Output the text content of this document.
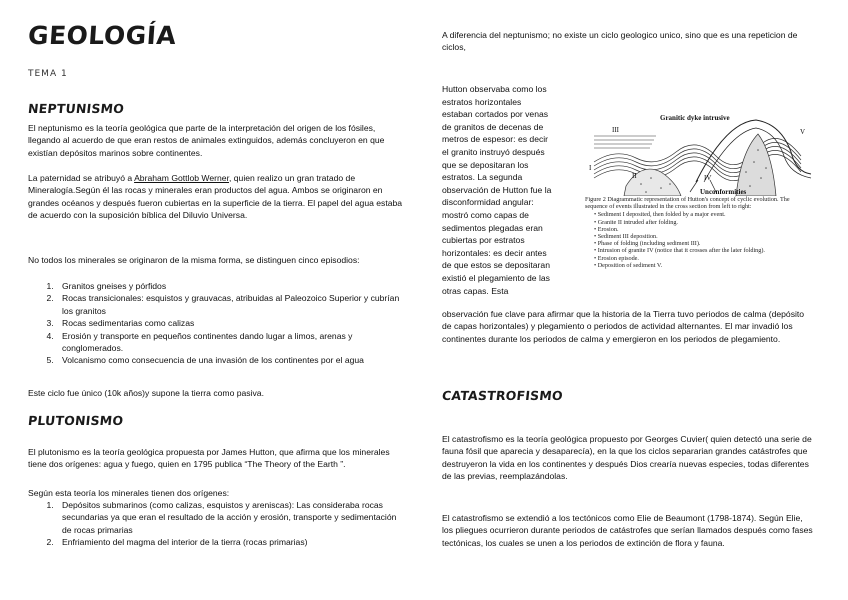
GEOLOGÍA
TEMA 1
NEPTUNISMO

El neptunismo es la teoría geológica que parte de la interpretación del origen de los fósiles, llegando al acuerdo de que eran restos de animales extinguidos, además concluyeron en que existían depósitos marinos sobre continentes.

La paternidad se atribuyó a Abraham Gottlob Werner, quien realizo un gran tratado de Mineralogía.Según él las rocas y minerales eran productos del agua. Ambos se originaron en grandes océanos y después fueron cubiertas en la superficie de la tierra. El papel del agua estaba de acuerdo con la suposición bíblica del Diluvio Universa.

No todos los minerales se originaron de la misma forma, se distinguen cinco episodios:

1. Granitos gneises y pórfidos
2. Rocas transicionales: esquistos y grauvacas, atribuidas al Paleozoico Superior y cubrían los granitos
3. Rocas sedimentarias como calizas
4. Erosión y transporte en pequeños continentes dando lugar a limos, arenas y conglomerados.
5. Volcanismo como consecuencia de una invasión de los continentes por el agua

Este ciclo fue único (10k años)y supone la tierra como pasiva.

PLUTONISMO

El plutonismo es la teoría geológica propuesta por James Hutton, que afirma que los minerales tiene dos orígenes: agua y fuego, quien en 1795 publica “The Theory of the Earth ”.

Según esta teoría los minerales tienen dos orígenes:

1. Depósitos submarinos (como calizas, esquistos y areniscas): Las consideraba rocas secundarias ya que eran el resultado de la acción y erosión, transporte y sedimentación de rocas primarias
2. Enfriamiento del magma del interior de la tierra (rocas primarias)

A diferencia del neptunismo; no existe un ciclo geologico unico, sino que es una repeticion de ciclos,

Hutton observaba como los
estratos horizontales
estaban cortados por venas
de granitos de decenas de
metros de espesor: es decir
el granito instruyó después
que se depositaran los
estratos. La segunda
observación de Hutton fue la
disconformidad angular:
mostró como capas de
sedimentos plegadas eran
cubiertas por estratos
horizontales: es decir antes
de que estos se depositaran
existió el plegamiento de las
otras capas. Esta
Granitic dyke intrusive
Unconformities
III	V
I
II	IV
Figure 2 Diagrammatic representation of Hutton's concept of cyclic evolution. The sequence of events illustrated in the cross section from left to right:
• Sediment I deposited, then folded by a major event.
• Granite II intruded after folding.
• Erosion.
• Sediment III deposition.
• Phase of folding (including sediment III).
• Intrusion of granite IV (notice that it crosses after the later folding).
• Erosion episode.
• Deposition of sediment V.

observación fue clave para afirmar que la historia de la Tierra tuvo periodos de calma (depósito de capas horizontales) y plegamiento o periodos de actividad alternantes. El mar invadió los continentes durante los periodos de calma y emergieron en los periodos de plegamiento.

CATASTROFISMO

El catastrofismo es la teoría geológica propuesto por Georges Cuvier( quien detectó una serie de fauna fósil que aparecia y desaparecía), en la que los ciclos separarian grandes catástrofes que destruyeron la vida en los continentes y después Dios crearía nuevas especies, todas diferentes de las previas, reemplazándolas.

El catastrofismo se extendió a los tectónicos como Elie de Beaumont (1798-1874). Según Elie, los pliegues ocurrieron durante periodos de catástrofes que serían llamados después como fases tectónicas, los cuales se unen a los periodos de extinción de flora y fauna.
